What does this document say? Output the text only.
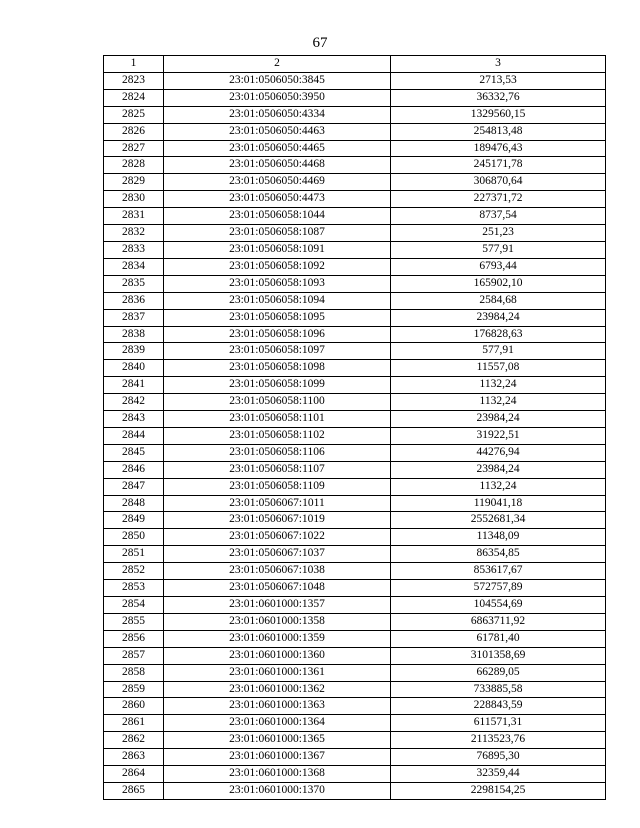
67
1	2	3
2823	23:01:0506050:3845	2713,53
2824	23:01:0506050:3950	36332,76
2825	23:01:0506050:4334	1329560,15
2826	23:01:0506050:4463	254813,48
2827	23:01:0506050:4465	189476,43
2828	23:01:0506050:4468	245171,78
2829	23:01:0506050:4469	306870,64
2830	23:01:0506050:4473	227371,72
2831	23:01:0506058:1044	8737,54
2832	23:01:0506058:1087	251,23
2833	23:01:0506058:1091	577,91
2834	23:01:0506058:1092	6793,44
2835	23:01:0506058:1093	165902,10
2836	23:01:0506058:1094	2584,68
2837	23:01:0506058:1095	23984,24
2838	23:01:0506058:1096	176828,63
2839	23:01:0506058:1097	577,91
2840	23:01:0506058:1098	11557,08
2841	23:01:0506058:1099	1132,24
2842	23:01:0506058:1100	1132,24
2843	23:01:0506058:1101	23984,24
2844	23:01:0506058:1102	31922,51
2845	23:01:0506058:1106	44276,94
2846	23:01:0506058:1107	23984,24
2847	23:01:0506058:1109	1132,24
2848	23:01:0506067:1011	119041,18
2849	23:01:0506067:1019	2552681,34
2850	23:01:0506067:1022	11348,09
2851	23:01:0506067:1037	86354,85
2852	23:01:0506067:1038	853617,67
2853	23:01:0506067:1048	572757,89
2854	23:01:0601000:1357	104554,69
2855	23:01:0601000:1358	6863711,92
2856	23:01:0601000:1359	61781,40
2857	23:01:0601000:1360	3101358,69
2858	23:01:0601000:1361	66289,05
2859	23:01:0601000:1362	733885,58
2860	23:01:0601000:1363	228843,59
2861	23:01:0601000:1364	611571,31
2862	23:01:0601000:1365	2113523,76
2863	23:01:0601000:1367	76895,30
2864	23:01:0601000:1368	32359,44
2865	23:01:0601000:1370	2298154,25
